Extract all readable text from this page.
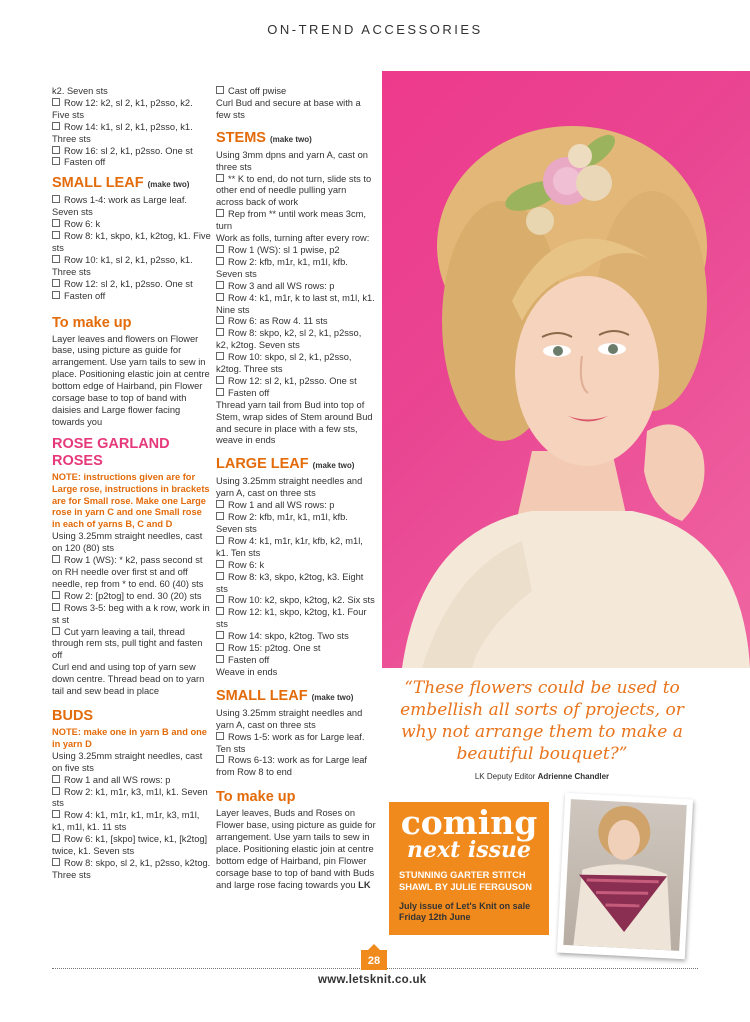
ON-TREND ACCESSORIES

k2. Seven sts

Row 12: k2, sl 2, k1, p2sso, k2. Five sts

Row 14: k1, sl 2, k1, p2sso, k1. Three sts

Row 16: sl 2, k1, p2sso. One st

Fasten off

SMALL LEAF (make two)

Rows 1-4: work as Large leaf. Seven sts

Row 6: k

Row 8: k1, skpo, k1, k2tog, k1. Five sts

Row 10: k1, sl 2, k1, p2sso, k1. Three sts

Row 12: sl 2, k1, p2sso. One st

Fasten off

To make up

Layer leaves and flowers on Flower base, using picture as guide for arrangement. Use yarn tails to sew in place. Positioning elastic join at centre bottom edge of Hairband, pin Flower corsage base to top of band with daisies and Large flower facing towards you

ROSE GARLAND ROSES

NOTE: instructions given are for Large rose, instructions in brackets are for Small rose. Make one Large rose in yarn C and one Small rose in each of yarns B, C and D

Using 3.25mm straight needles, cast on 120 (80) sts

Row 1 (WS): * k2, pass second st on RH needle over first st and off needle, rep from * to end. 60 (40) sts

Row 2: [p2tog] to end. 30 (20) sts

Rows 3-5: beg with a k row, work in st st

Cut yarn leaving a tail, thread through rem sts, pull tight and fasten off

Curl end and using top of yarn sew down centre. Thread bead on to yarn tail and sew bead in place

BUDS

NOTE: make one in yarn B and one in yarn D

Using 3.25mm straight needles, cast on five sts

Row 1 and all WS rows: p

Row 2: k1, m1r, k3, m1l, k1. Seven sts

Row 4: k1, m1r, k1, m1r, k3, m1l, k1, m1l, k1. 11 sts

Row 6: k1, [skpo] twice, k1, [k2tog] twice, k1. Seven sts

Row 8: skpo, sl 2, k1, p2sso, k2tog. Three sts

Cast off pwise

Curl Bud and secure at base with a few sts

STEMS (make two)

Using 3mm dpns and yarn A, cast on three sts

** K to end, do not turn, slide sts to other end of needle pulling yarn across back of work

Rep from ** until work meas 3cm, turn

Work as folls, turning after every row:

Row 1 (WS): sl 1 pwise, p2

Row 2: kfb, m1r, k1, m1l, kfb. Seven sts

Row 3 and all WS rows: p

Row 4: k1, m1r, k to last st, m1l, k1. Nine sts

Row 6: as Row 4. 11 sts

Row 8: skpo, k2, sl 2, k1, p2sso, k2, k2tog. Seven sts

Row 10: skpo, sl 2, k1, p2sso, k2tog. Three sts

Row 12: sl 2, k1, p2sso. One st

Fasten off

Thread yarn tail from Bud into top of Stem, wrap sides of Stem around Bud and secure in place with a few sts, weave in ends

LARGE LEAF (make two)

Using 3.25mm straight needles and yarn A, cast on three sts

Row 1 and all WS rows: p

Row 2: kfb, m1r, k1, m1l, kfb. Seven sts

Row 4: k1, m1r, k1r, kfb, k2, m1l, k1. Ten sts

Row 6: k

Row 8: k3, skpo, k2tog, k3. Eight sts

Row 10: k2, skpo, k2tog, k2. Six sts

Row 12: k1, skpo, k2tog, k1. Four sts

Row 14: skpo, k2tog. Two sts

Row 15: p2tog. One st

Fasten off

Weave in ends

SMALL LEAF (make two)

Using 3.25mm straight needles and yarn A, cast on three sts

Rows 1-5: work as for Large leaf. Ten sts

Rows 6-13: work as for Large leaf from Row 8 to end

To make up

Layer leaves, Buds and Roses on Flower base, using picture as guide for arrangement. Use yarn tails to sew in place. Positioning elastic join at centre bottom edge of Hairband, pin Flower corsage base to top of band with Buds and large rose facing towards you LK

“These flowers could be used to embellish all sorts of projects, or why not arrange them to make a beautiful bouquet?”
LK Deputy Editor Adrienne Chandler
coming
next issue
STUNNING GARTER STITCH SHAWL BY JULIE FERGUSON
July issue of Let's Knit on sale Friday 12th June
28
www.letsknit.co.uk
